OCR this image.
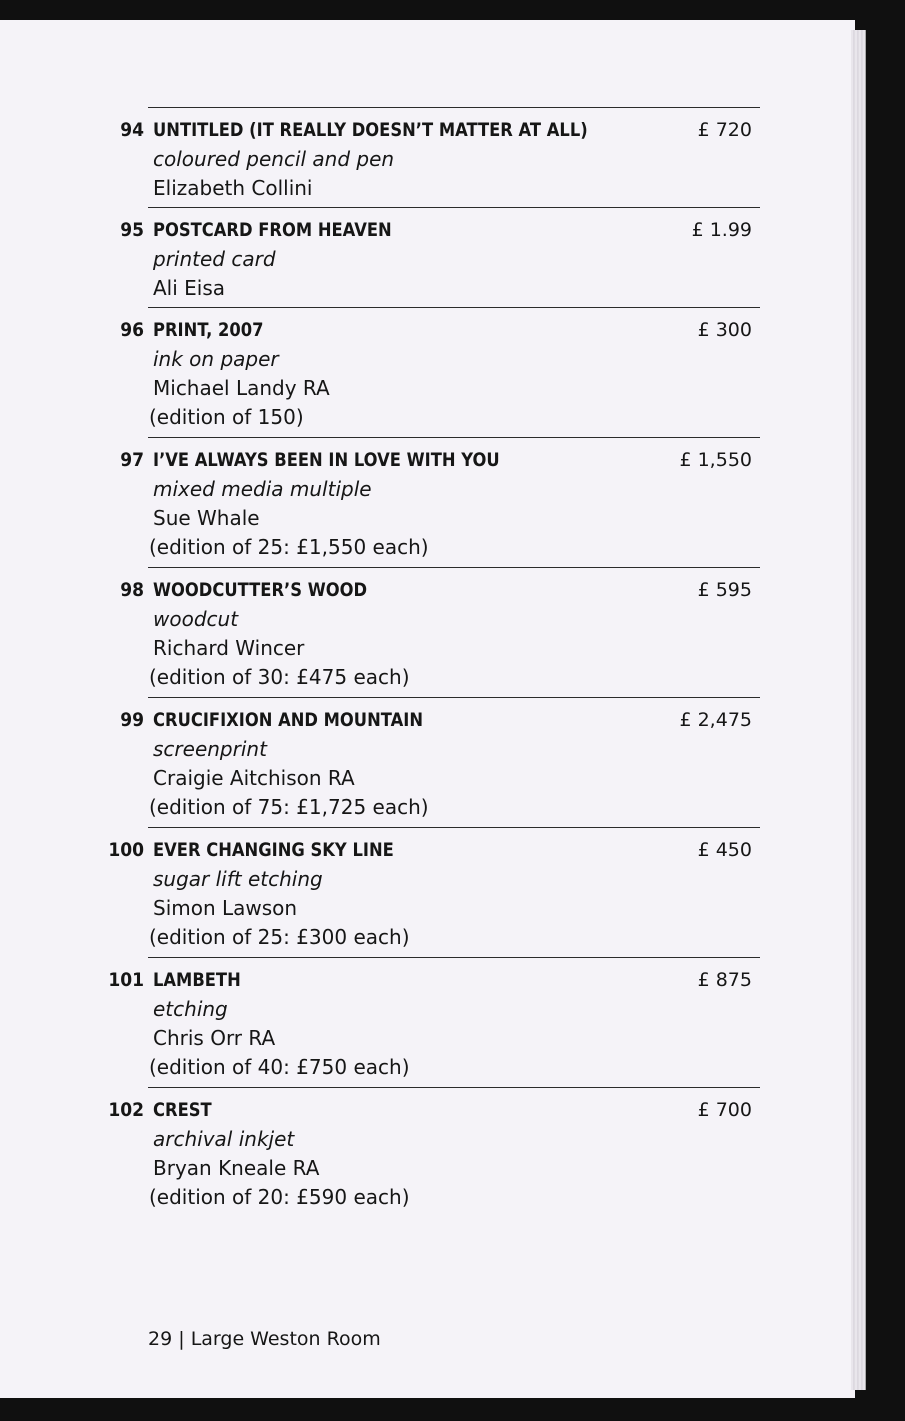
94 UNTITLED (IT REALLY DOESN’T MATTER AT ALL)	£ 720
coloured pencil and pen
Elizabeth Collini
95 POSTCARD FROM HEAVEN	£ 1.99
printed card
Ali Eisa
96 PRINT, 2007	£ 300
ink on paper
Michael Landy RA
(edition of 150)
97 I’VE ALWAYS BEEN IN LOVE WITH YOU	£ 1,550
mixed media multiple
Sue Whale
(edition of 25: £1,550 each)
98 WOODCUTTER’S WOOD	£ 595
woodcut
Richard Wincer
(edition of 30: £475 each)
99 CRUCIFIXION AND MOUNTAIN	£ 2,475
screenprint
Craigie Aitchison RA
(edition of 75: £1,725 each)
100 EVER CHANGING SKY LINE	£ 450
sugar lift etching
Simon Lawson
(edition of 25: £300 each)
101 LAMBETH	£ 875
etching
Chris Orr RA
(edition of 40: £750 each)
102 CREST	£ 700
archival inkjet
Bryan Kneale RA
(edition of 20: £590 each)
29 | Large Weston Room
